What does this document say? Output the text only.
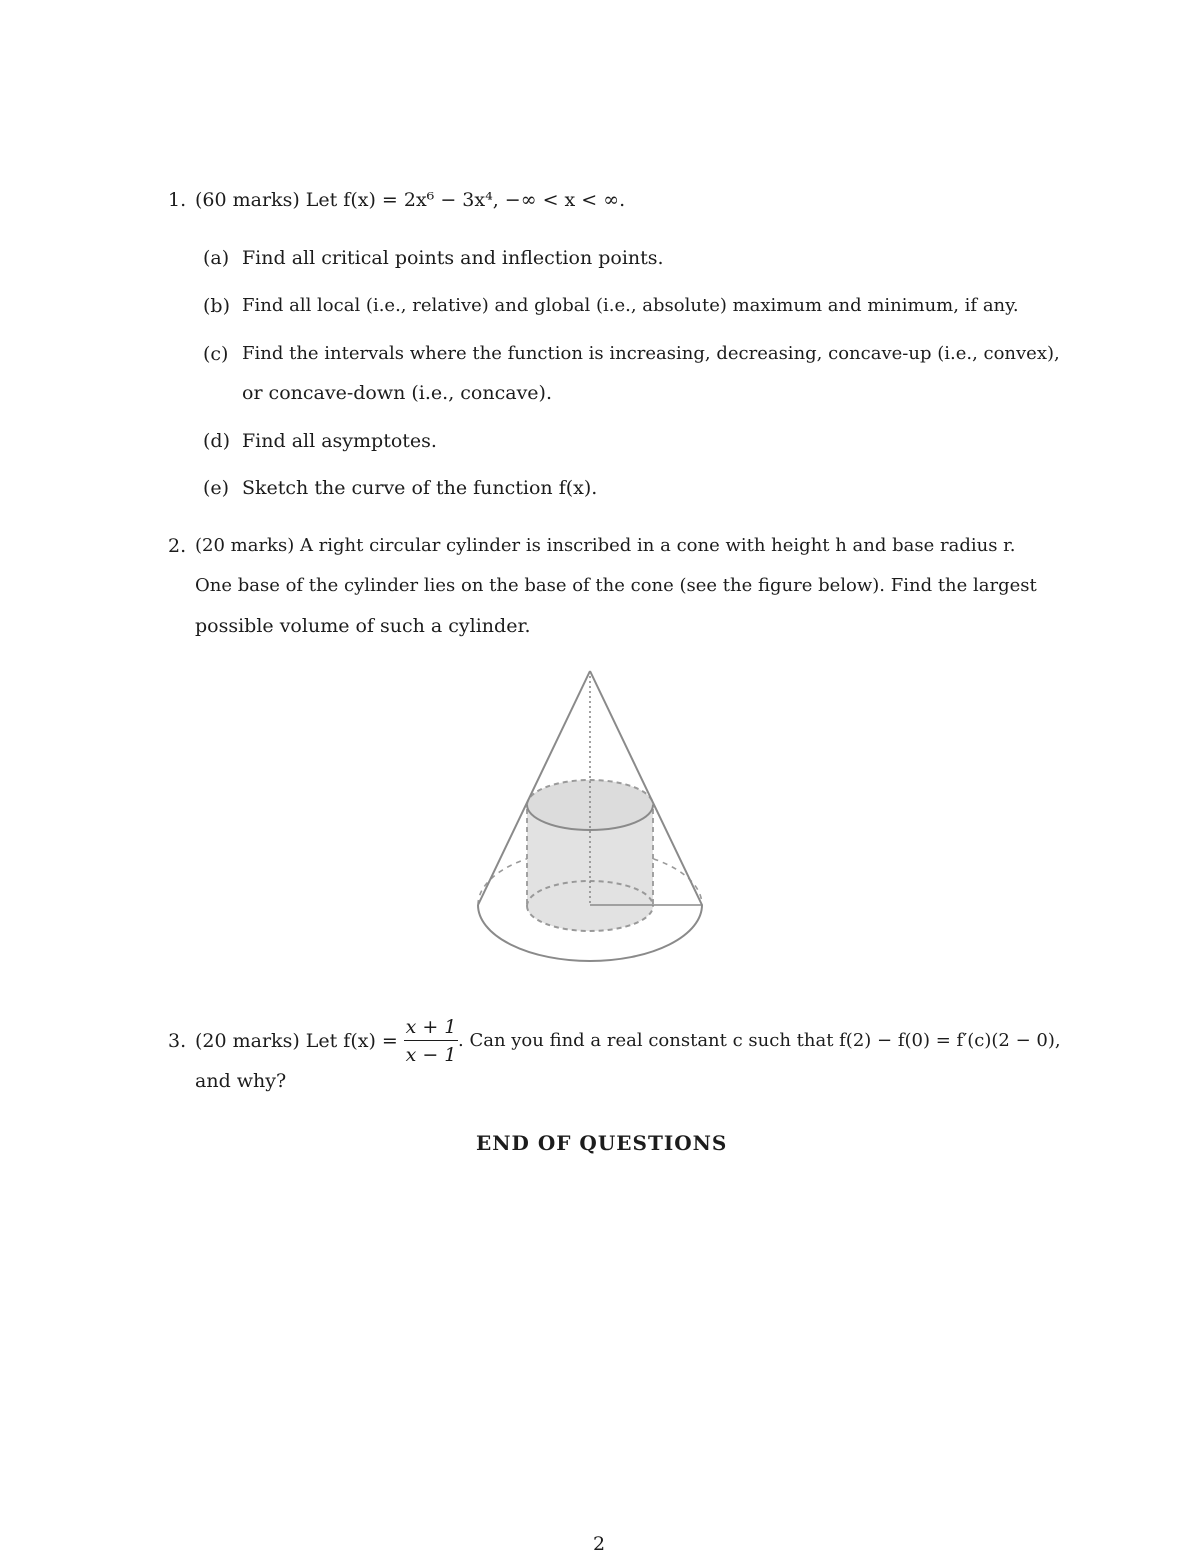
1. (60 marks) Let f(x) = 2x⁶ − 3x⁴, −∞ < x < ∞.
(a) Find all critical points and inflection points.
(b) Find all local (i.e., relative) and global (i.e., absolute) maximum and minimum, if any.
(c) Find the intervals where the function is increasing, decreasing, concave-up (i.e., convex),
or concave-down (i.e., concave).
(d) Find all asymptotes.
(e) Sketch the curve of the function f(x).
2. (20 marks) A right circular cylinder is inscribed in a cone with height h and base radius r.
One base of the cylinder lies on the base of the cone (see the figure below). Find the largest
possible volume of such a cylinder.
3. (20 marks) Let f(x) =
x + 1
x − 1
. Can you find a real constant c such that f(2) − f(0) = f′(c)(2 − 0),
and why?
END OF QUESTIONS
2
